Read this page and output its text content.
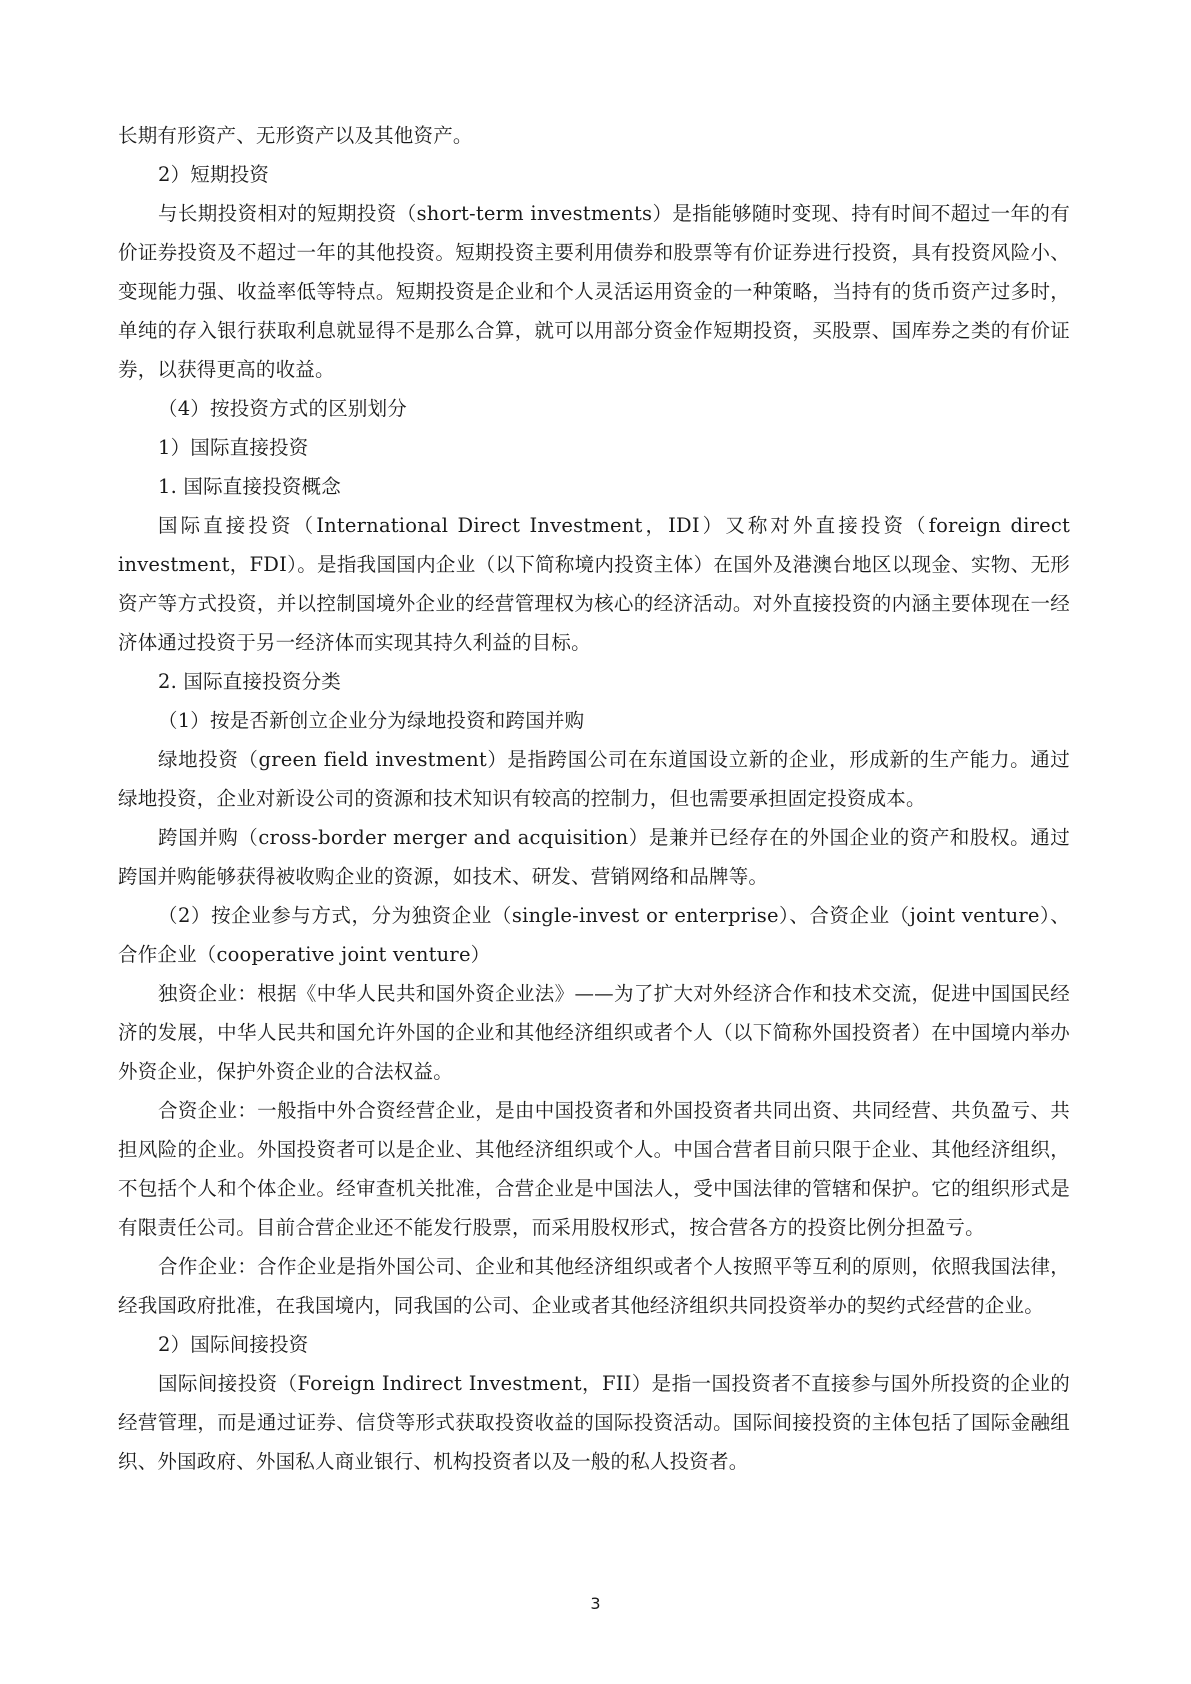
长期有形资产、无形资产以及其他资产。

2）短期投资

与长期投资相对的短期投资（short-term investments）是指能够随时变现、持有时间不超过一年的有价证券投资及不超过一年的其他投资。短期投资主要利用债券和股票等有价证券进行投资，具有投资风险小、变现能力强、收益率低等特点。短期投资是企业和个人灵活运用资金的一种策略，当持有的货币资产过多时，单纯的存入银行获取利息就显得不是那么合算，就可以用部分资金作短期投资，买股票、国库券之类的有价证券，以获得更高的收益。

（4）按投资方式的区别划分

1）国际直接投资

1. 国际直接投资概念

国际直接投资（International Direct Investment，IDI）又称对外直接投资（foreign direct investment，FDI）。是指我国国内企业（以下简称境内投资主体）在国外及港澳台地区以现金、实物、无形资产等方式投资，并以控制国境外企业的经营管理权为核心的经济活动。对外直接投资的内涵主要体现在一经济体通过投资于另一经济体而实现其持久利益的目标。

2. 国际直接投资分类

（1）按是否新创立企业分为绿地投资和跨国并购

绿地投资（green field investment）是指跨国公司在东道国设立新的企业，形成新的生产能力。通过绿地投资，企业对新设公司的资源和技术知识有较高的控制力，但也需要承担固定投资成本。

跨国并购（cross-border merger and acquisition）是兼并已经存在的外国企业的资产和股权。通过跨国并购能够获得被收购企业的资源，如技术、研发、营销网络和品牌等。

（2）按企业参与方式，分为独资企业（single-invest or enterprise）、合资企业（joint venture）、合作企业（cooperative joint venture）

独资企业：根据《中华人民共和国外资企业法》——为了扩大对外经济合作和技术交流，促进中国国民经济的发展，中华人民共和国允许外国的企业和其他经济组织或者个人（以下简称外国投资者）在中国境内举办外资企业，保护外资企业的合法权益。

合资企业：一般指中外合资经营企业，是由中国投资者和外国投资者共同出资、共同经营、共负盈亏、共担风险的企业。外国投资者可以是企业、其他经济组织或个人。中国合营者目前只限于企业、其他经济组织，不包括个人和个体企业。经审查机关批准，合营企业是中国法人，受中国法律的管辖和保护。它的组织形式是有限责任公司。目前合营企业还不能发行股票，而采用股权形式，按合营各方的投资比例分担盈亏。

合作企业：合作企业是指外国公司、企业和其他经济组织或者个人按照平等互利的原则，依照我国法律，经我国政府批准，在我国境内，同我国的公司、企业或者其他经济组织共同投资举办的契约式经营的企业。

2）国际间接投资

国际间接投资（Foreign Indirect Investment，FII）是指一国投资者不直接参与国外所投资的企业的经营管理，而是通过证券、信贷等形式获取投资收益的国际投资活动。国际间接投资的主体包括了国际金融组织、外国政府、外国私人商业银行、机构投资者以及一般的私人投资者。

3
